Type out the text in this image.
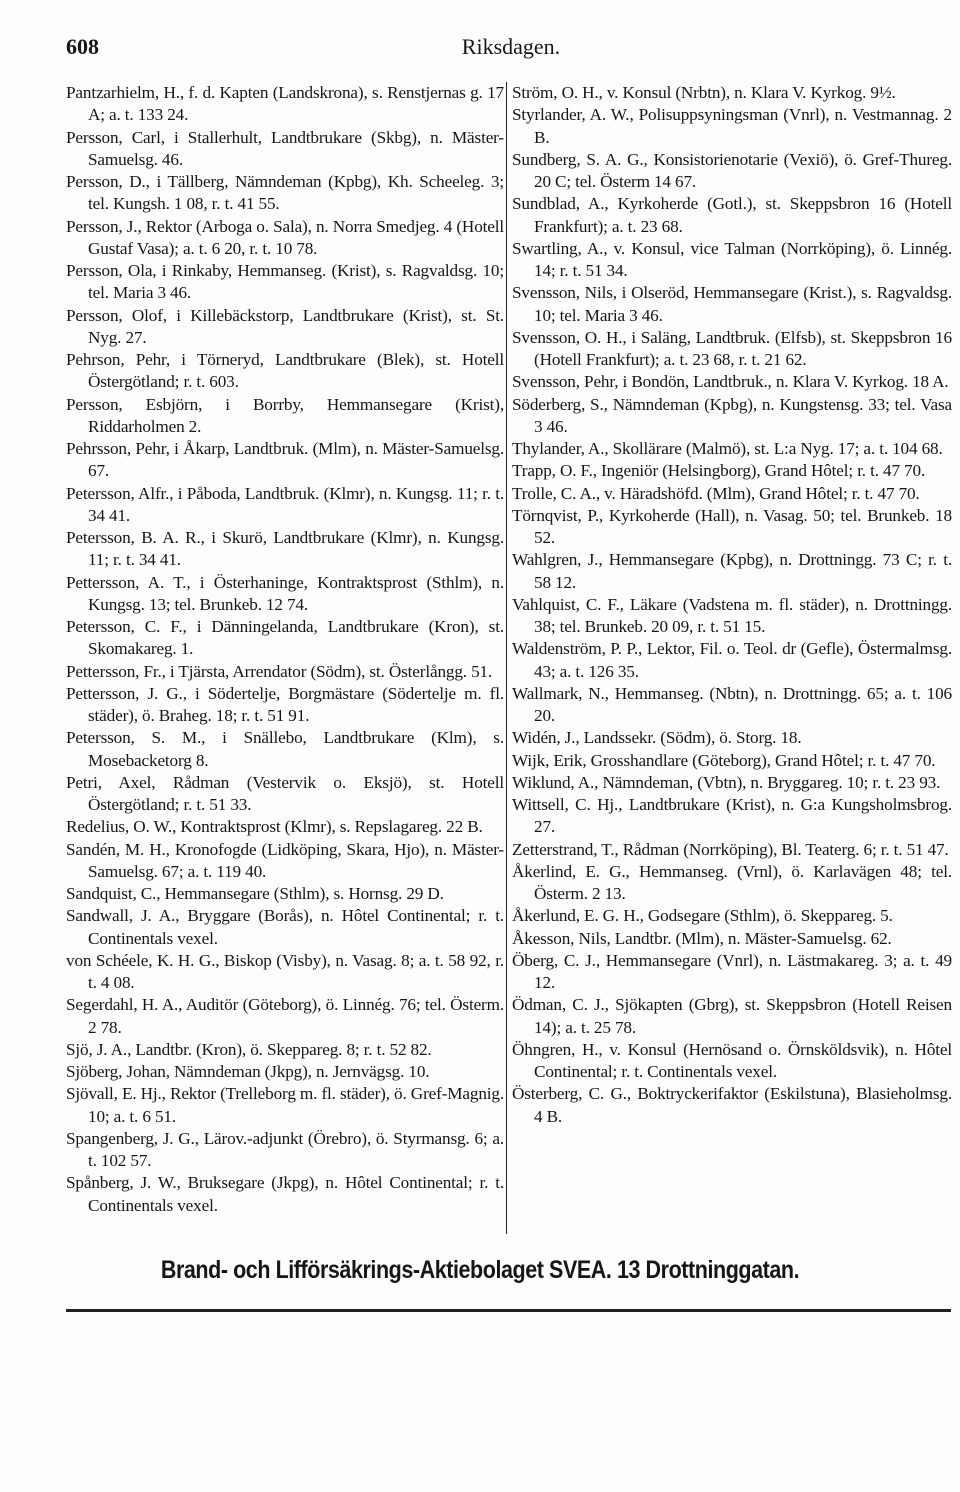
608	Riksdagen.

Pantzarhielm, H., f. d. Kapten (Landskrona), s. Renstjernas g. 17 A; a. t. 133 24.

Persson, Carl, i Stallerhult, Landtbrukare (Skbg), n. Mäster-Samuelsg. 46.

Persson, D., i Tällberg, Nämndeman (Kpbg), Kh. Scheeleg. 3; tel. Kungsh. 1 08, r. t. 41 55.

Persson, J., Rektor (Arboga o. Sala), n. Norra Smedjeg. 4 (Hotell Gustaf Vasa); a. t. 6 20, r. t. 10 78.

Persson, Ola, i Rinkaby, Hemmanseg. (Krist), s. Ragvaldsg. 10; tel. Maria 3 46.

Persson, Olof, i Killebäckstorp, Landtbrukare (Krist), st. St. Nyg. 27.

Pehrson, Pehr, i Törneryd, Landtbrukare (Blek), st. Hotell Östergötland; r. t. 603.

Persson, Esbjörn, i Borrby, Hemmansegare (Krist), Riddarholmen 2.

Pehrsson, Pehr, i Åkarp, Landtbruk. (Mlm), n. Mäster-Samuelsg. 67.

Petersson, Alfr., i Påboda, Landtbruk. (Klmr), n. Kungsg. 11; r. t. 34 41.

Petersson, B. A. R., i Skurö, Landtbrukare (Klmr), n. Kungsg. 11; r. t. 34 41.

Pettersson, A. T., i Österhaninge, Kontraktsprost (Sthlm), n. Kungsg. 13; tel. Brunkeb. 12 74.

Petersson, C. F., i Dänningelanda, Landtbrukare (Kron), st. Skomakareg. 1.

Pettersson, Fr., i Tjärsta, Arrendator (Södm), st. Österlångg. 51.

Pettersson, J. G., i Södertelje, Borgmästare (Södertelje m. fl. städer), ö. Braheg. 18; r. t. 51 91.

Petersson, S. M., i Snällebo, Landtbrukare (Klm), s. Mosebacketorg 8.

Petri, Axel, Rådman (Vestervik o. Eksjö), st. Hotell Östergötland; r. t. 51 33.

Redelius, O. W., Kontraktsprost (Klmr), s. Repslagareg. 22 B.

Sandén, M. H., Kronofogde (Lidköping, Skara, Hjo), n. Mäster-Samuelsg. 67; a. t. 119 40.

Sandquist, C., Hemmansegare (Sthlm), s. Hornsg. 29 D.

Sandwall, J. A., Bryggare (Borås), n. Hôtel Continental; r. t. Continentals vexel.

von Schéele, K. H. G., Biskop (Visby), n. Vasag. 8; a. t. 58 92, r. t. 4 08.

Segerdahl, H. A., Auditör (Göteborg), ö. Linnég. 76; tel. Österm. 2 78.

Sjö, J. A., Landtbr. (Kron), ö. Skeppareg. 8; r. t. 52 82.

Sjöberg, Johan, Nämndeman (Jkpg), n. Jernvägsg. 10.

Sjövall, E. Hj., Rektor (Trelleborg m. fl. städer), ö. Gref-Magnig. 10; a. t. 6 51.

Spangenberg, J. G., Lärov.-adjunkt (Örebro), ö. Styrmansg. 6; a. t. 102 57.

Spånberg, J. W., Bruksegare (Jkpg), n. Hôtel Continental; r. t. Continentals vexel.

Ström, O. H., v. Konsul (Nrbtn), n. Klara V. Kyrkog. 9½.

Styrlander, A. W., Polisuppsyningsman (Vnrl), n. Vestmannag. 2 B.

Sundberg, S. A. G., Konsistorienotarie (Vexiö), ö. Gref-Thureg. 20 C; tel. Österm 14 67.

Sundblad, A., Kyrkoherde (Gotl.), st. Skeppsbron 16 (Hotell Frankfurt); a. t. 23 68.

Swartling, A., v. Konsul, vice Talman (Norrköping), ö. Linnég. 14; r. t. 51 34.

Svensson, Nils, i Olseröd, Hemmansegare (Krist.), s. Ragvaldsg. 10; tel. Maria 3 46.

Svensson, O. H., i Saläng, Landtbruk. (Elfsb), st. Skeppsbron 16 (Hotell Frankfurt); a. t. 23 68, r. t. 21 62.

Svensson, Pehr, i Bondön, Landtbruk., n. Klara V. Kyrkog. 18 A.

Söderberg, S., Nämndeman (Kpbg), n. Kungstensg. 33; tel. Vasa 3 46.

Thylander, A., Skollärare (Malmö), st. L:a Nyg. 17; a. t. 104 68.

Trapp, O. F., Ingeniör (Helsingborg), Grand Hôtel; r. t. 47 70.

Trolle, C. A., v. Häradshöfd. (Mlm), Grand Hôtel; r. t. 47 70.

Törnqvist, P., Kyrkoherde (Hall), n. Vasag. 50; tel. Brunkeb. 18 52.

Wahlgren, J., Hemmansegare (Kpbg), n. Drottningg. 73 C; r. t. 58 12.

Vahlquist, C. F., Läkare (Vadstena m. fl. städer), n. Drottningg. 38; tel. Brunkeb. 20 09, r. t. 51 15.

Waldenström, P. P., Lektor, Fil. o. Teol. dr (Gefle), Östermalmsg. 43; a. t. 126 35.

Wallmark, N., Hemmanseg. (Nbtn), n. Drottningg. 65; a. t. 106 20.

Widén, J., Landssekr. (Södm), ö. Storg. 18.

Wijk, Erik, Grosshandlare (Göteborg), Grand Hôtel; r. t. 47 70.

Wiklund, A., Nämndeman, (Vbtn), n. Bryggareg. 10; r. t. 23 93.

Wittsell, C. Hj., Landtbrukare (Krist), n. G:a Kungsholmsbrog. 27.

Zetterstrand, T., Rådman (Norrköping), Bl. Teaterg. 6; r. t. 51 47.

Åkerlind, E. G., Hemmanseg. (Vrnl), ö. Karlavägen 48; tel. Österm. 2 13.

Åkerlund, E. G. H., Godsegare (Sthlm), ö. Skeppareg. 5.

Åkesson, Nils, Landtbr. (Mlm), n. Mäster-Samuelsg. 62.

Öberg, C. J., Hemmansegare (Vnrl), n. Lästmakareg. 3; a. t. 49 12.

Ödman, C. J., Sjökapten (Gbrg), st. Skeppsbron (Hotell Reisen 14); a. t. 25 78.

Öhngren, H., v. Konsul (Hernösand o. Örnsköldsvik), n. Hôtel Continental; r. t. Continentals vexel.

Österberg, C. G., Boktryckerifaktor (Eskilstuna), Blasieholmsg. 4 B.

Brand- och Lifförsäkrings-Aktiebolaget SVEA. 13 Drottninggatan.
